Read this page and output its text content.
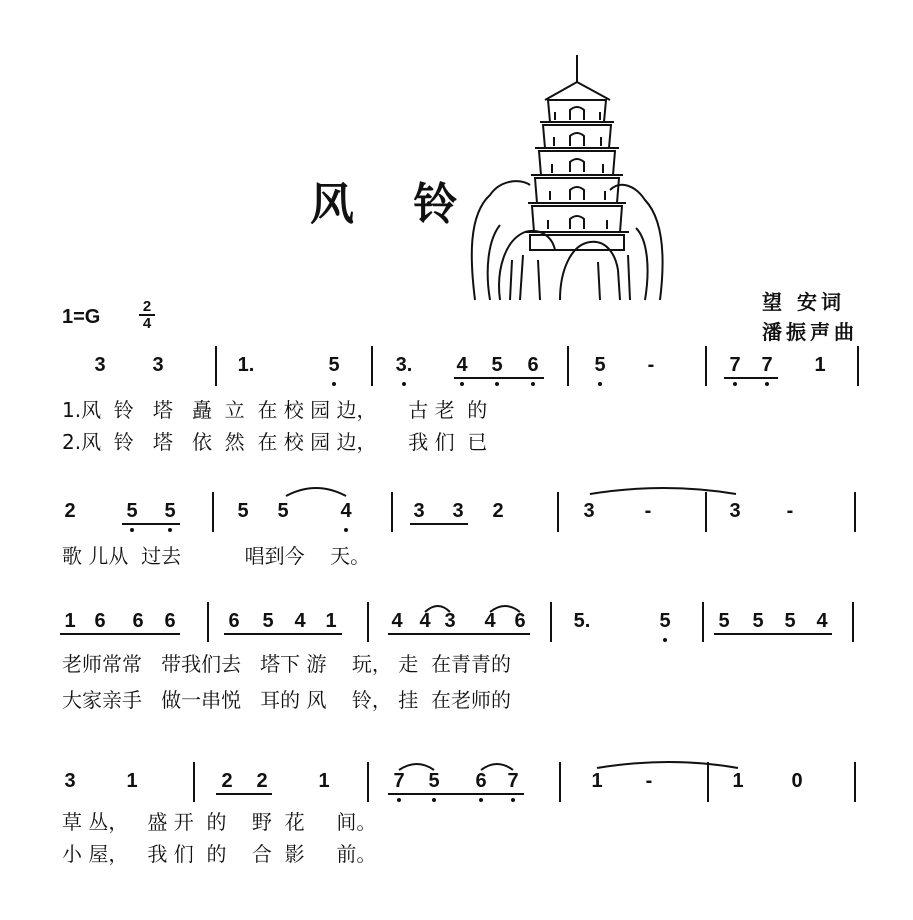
风 铃
望 安词
潘振声曲
1=G	2
4
3 3	1.	5	3. 4 5 6	5	-	7 7 1
1.风  铃   塔   矗  立  在 校 园 边，     古 老  的
2.风  铃   塔   依  然  在 校 园 边，     我 们  已
2	5 5	5 5	4	3 3 2	3	-	3	-
歌 儿从  过去          唱到今    天。
1 6 6 6	6 5 4 1	4 4 3 4 6 5.	5 5 5 5 4
老师常常   带我们去   塔下 游    玩， 走  在青青的
大家亲手   做一串悦   耳的 风    铃， 挂  在老师的
3	1	2 2	1	7 5 6 7	1	-	1 0
草 丛，   盛 开  的    野  花     间。
小 屋，   我 们  的    合  影     前。
